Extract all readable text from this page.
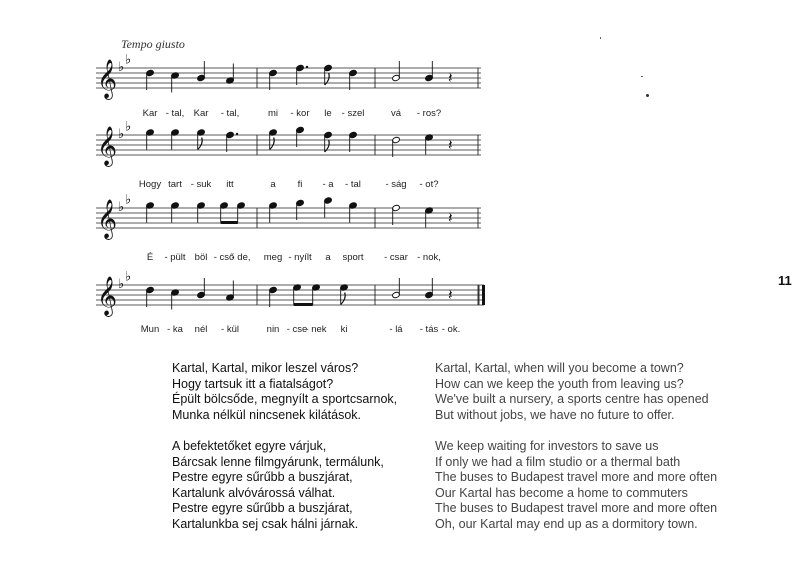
Tempo giusto
𝄞 ♭ ♭
𝄽
Kar - tal, Kar - tal,	mi - kor le - szel	vá - ros?
𝄞 ♭ ♭
𝄽
Hogy tart - suk itt	a fi - a - tal	- ság - ot?
𝄞 ♭ ♭
𝄽
É - pült böl - cső
- de, meg - nyílt a sport - csar - nok,
𝄞 ♭ ♭
𝄽
Mun - ka nél - kül	nin - cse
- nek ki	- lá - tás - ok.
11
Kartal, Kartal, mikor leszel város?
Hogy tartsuk itt a fiatalságot?
Épült bölcsőde, megnyílt a sportcsarnok,
Munka nélkül nincsenek kilátások.
A befektetőket egyre várjuk,
Bárcsak lenne filmgyárunk, termálunk,
Pestre egyre sűrűbb a buszjárat,
Kartalunk alvóvárossá válhat.
Pestre egyre sűrűbb a buszjárat,
Kartalunkba sej csak hálni járnak.
Kartal, Kartal, when will you become a town?
How can we keep the youth from leaving us?
We've built a nursery, a sports centre has opened
But without jobs, we have no future to offer.
We keep waiting for investors to save us
If only we had a film studio or a thermal bath
The buses to Budapest travel more and more often
Our Kartal has become a home to commuters
The buses to Budapest travel more and more often
Oh, our Kartal may end up as a dormitory town.
